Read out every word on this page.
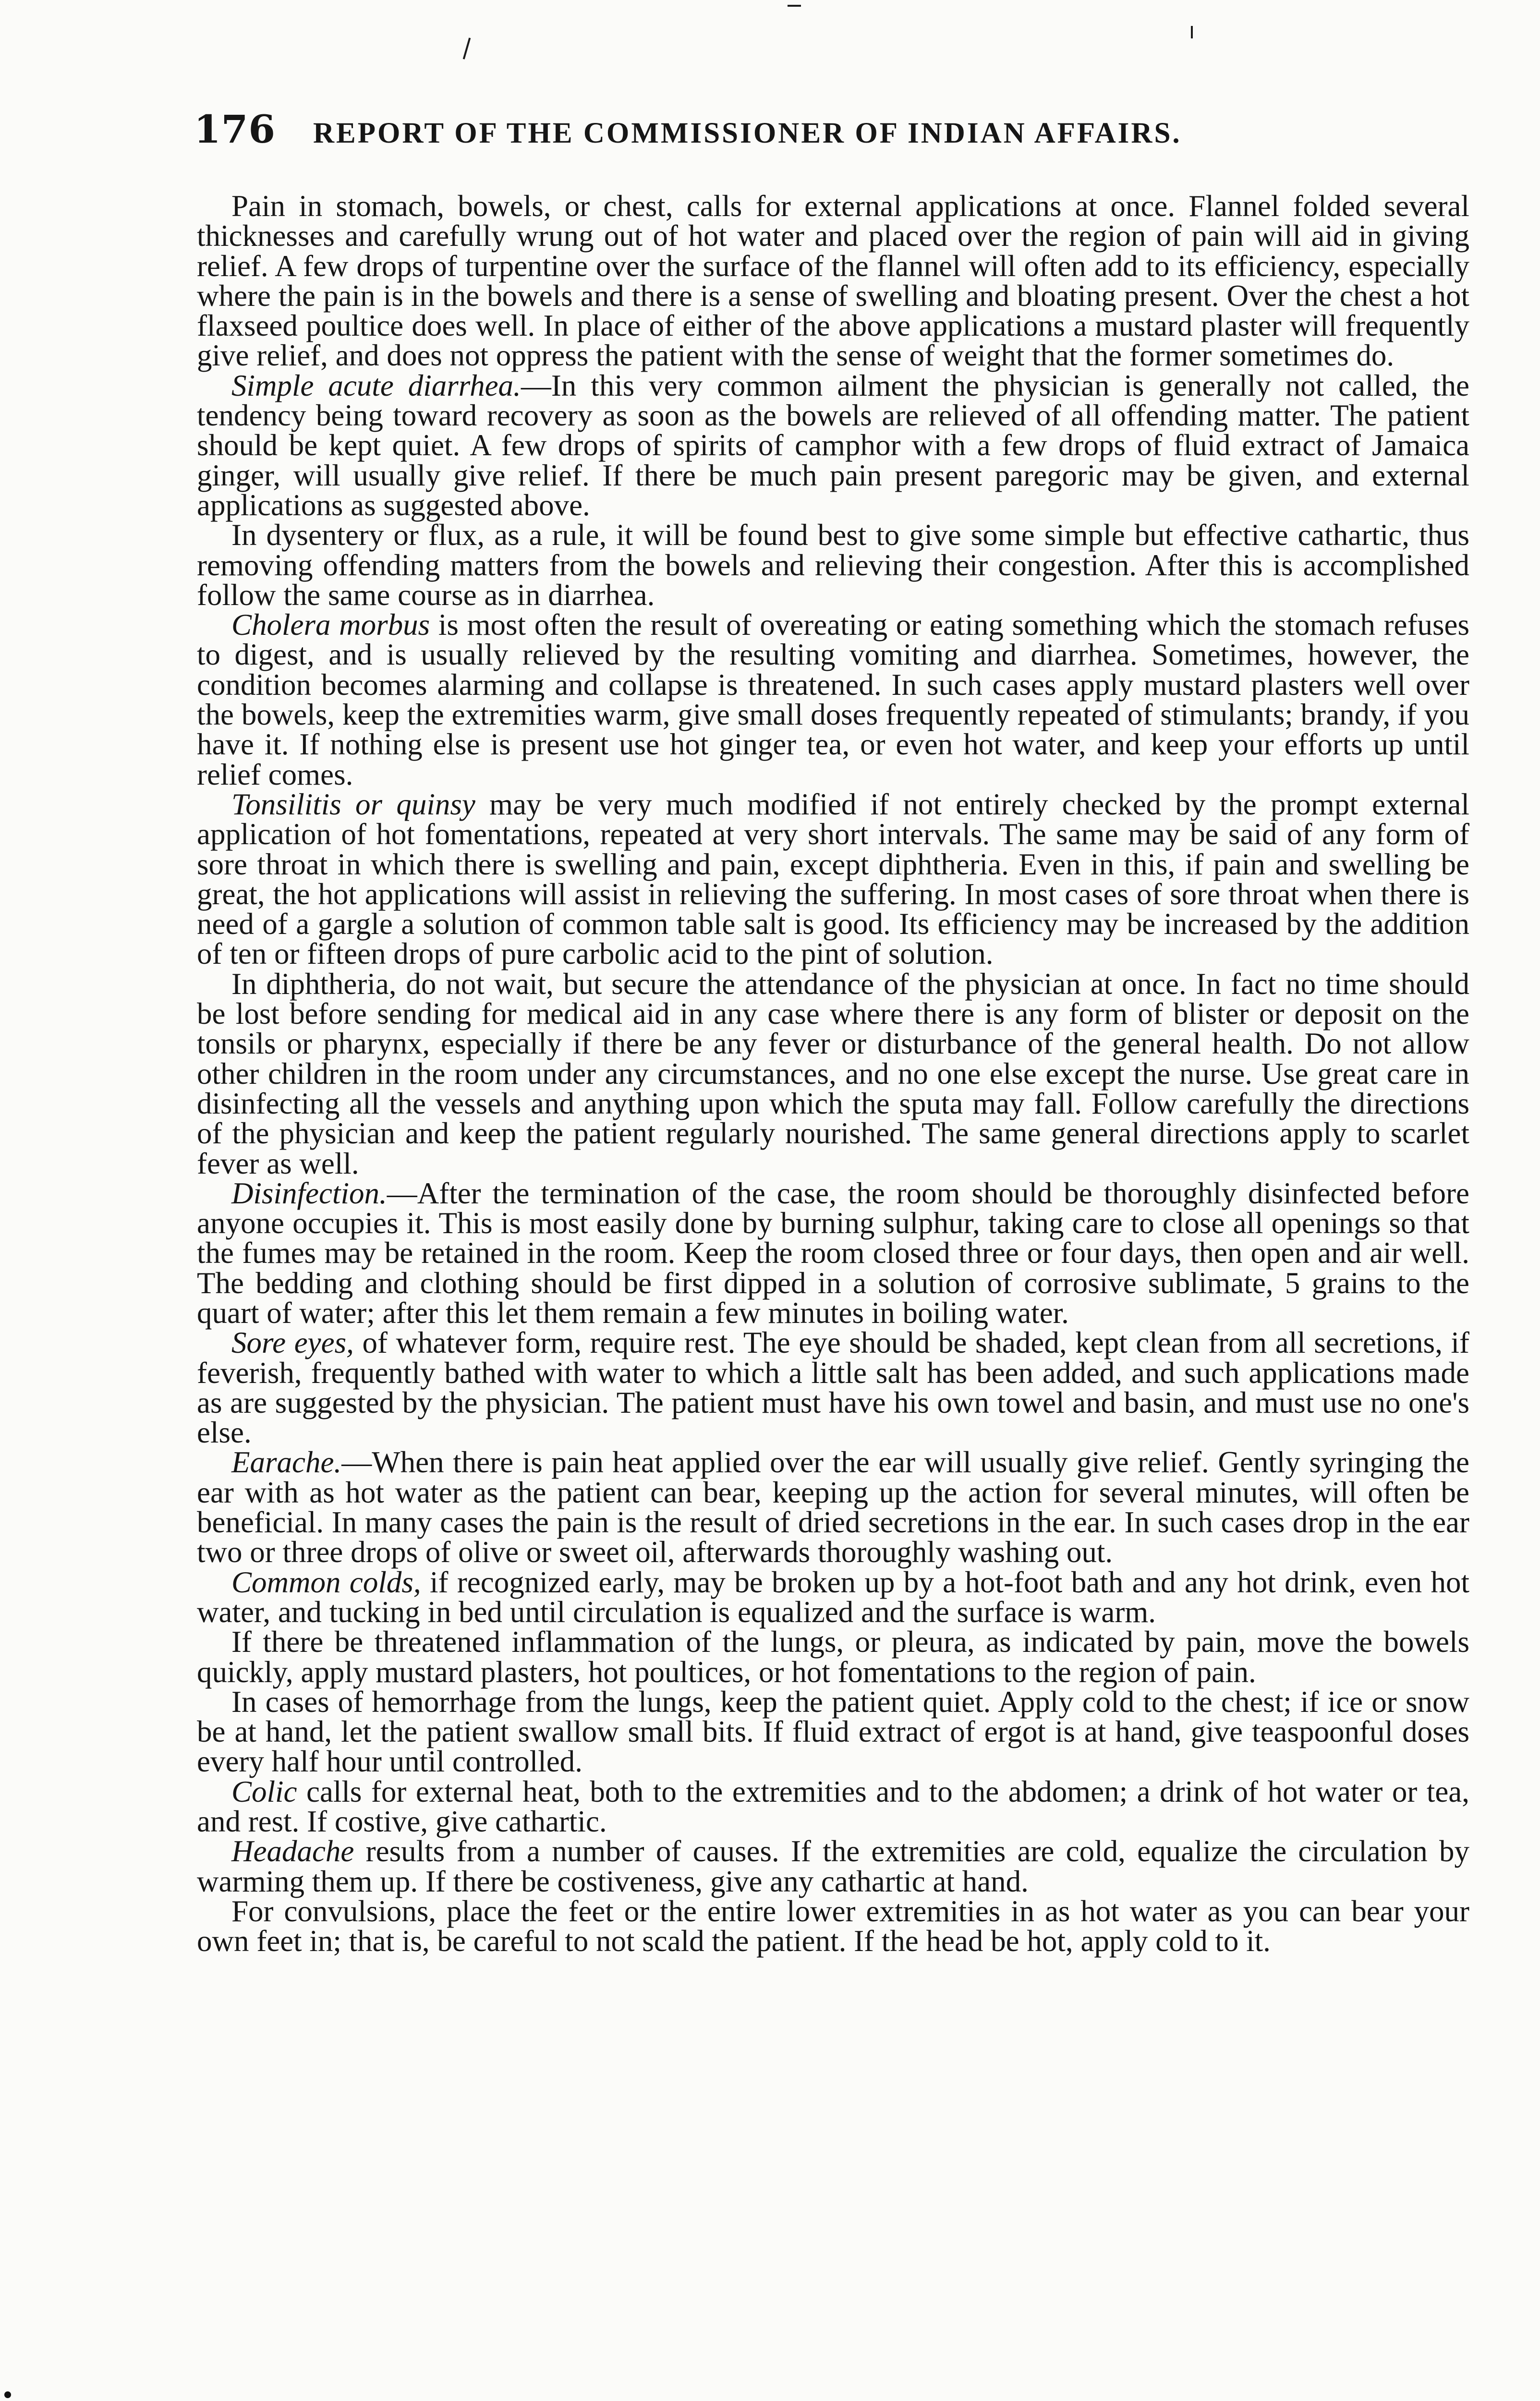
176 REPORT OF THE COMMISSIONER OF INDIAN AFFAIRS.

Pain in stomach, bowels, or chest, calls for external applications at once. Flannel folded several thicknesses and carefully wrung out of hot water and placed over the region of pain will aid in giving relief. A few drops of turpentine over the surface of the flannel will often add to its efficiency, especially where the pain is in the bowels and there is a sense of swelling and bloating present. Over the chest a hot flaxseed poultice does well. In place of either of the above applications a mustard plaster will frequently give relief, and does not oppress the patient with the sense of weight that the former sometimes do.

Simple acute diarrhea.—In this very common ailment the physician is generally not called, the tendency being toward recovery as soon as the bowels are relieved of all offending matter. The patient should be kept quiet. A few drops of spirits of camphor with a few drops of fluid extract of Jamaica ginger, will usually give relief. If there be much pain present paregoric may be given, and external applications as suggested above.

In dysentery or flux, as a rule, it will be found best to give some simple but effective cathartic, thus removing offending matters from the bowels and relieving their congestion. After this is accomplished follow the same course as in diarrhea.

Cholera morbus is most often the result of overeating or eating something which the stomach refuses to digest, and is usually relieved by the resulting vomiting and diarrhea. Sometimes, however, the condition becomes alarming and collapse is threatened. In such cases apply mustard plasters well over the bowels, keep the extremities warm, give small doses frequently repeated of stimulants; brandy, if you have it. If nothing else is present use hot ginger tea, or even hot water, and keep your efforts up until relief comes.

Tonsilitis or quinsy may be very much modified if not entirely checked by the prompt external application of hot fomentations, repeated at very short intervals. The same may be said of any form of sore throat in which there is swelling and pain, except diphtheria. Even in this, if pain and swelling be great, the hot applications will assist in relieving the suffering. In most cases of sore throat when there is need of a gargle a solution of common table salt is good. Its efficiency may be increased by the addition of ten or fifteen drops of pure carbolic acid to the pint of solution.

In diphtheria, do not wait, but secure the attendance of the physician at once. In fact no time should be lost before sending for medical aid in any case where there is any form of blister or deposit on the tonsils or pharynx, especially if there be any fever or disturbance of the general health. Do not allow other children in the room under any circumstances, and no one else except the nurse. Use great care in disinfecting all the vessels and anything upon which the sputa may fall. Follow carefully the directions of the physician and keep the patient regularly nourished. The same general directions apply to scarlet fever as well.

Disinfection.—After the termination of the case, the room should be thoroughly disinfected before anyone occupies it. This is most easily done by burning sulphur, taking care to close all openings so that the fumes may be retained in the room. Keep the room closed three or four days, then open and air well. The bedding and clothing should be first dipped in a solution of corrosive sublimate, 5 grains to the quart of water; after this let them remain a few minutes in boiling water.

Sore eyes, of whatever form, require rest. The eye should be shaded, kept clean from all secretions, if feverish, frequently bathed with water to which a little salt has been added, and such applications made as are suggested by the physician. The patient must have his own towel and basin, and must use no one's else.

Earache.—When there is pain heat applied over the ear will usually give relief. Gently syringing the ear with as hot water as the patient can bear, keeping up the action for several minutes, will often be beneficial. In many cases the pain is the result of dried secretions in the ear. In such cases drop in the ear two or three drops of olive or sweet oil, afterwards thoroughly washing out.

Common colds, if recognized early, may be broken up by a hot-foot bath and any hot drink, even hot water, and tucking in bed until circulation is equalized and the surface is warm.

If there be threatened inflammation of the lungs, or pleura, as indicated by pain, move the bowels quickly, apply mustard plasters, hot poultices, or hot fomentations to the region of pain.

In cases of hemorrhage from the lungs, keep the patient quiet. Apply cold to the chest; if ice or snow be at hand, let the patient swallow small bits. If fluid extract of ergot is at hand, give teaspoonful doses every half hour until controlled.

Colic calls for external heat, both to the extremities and to the abdomen; a drink of hot water or tea, and rest. If costive, give cathartic.

Headache results from a number of causes. If the extremities are cold, equalize the circulation by warming them up. If there be costiveness, give any cathartic at hand.

For convulsions, place the feet or the entire lower extremities in as hot water as you can bear your own feet in; that is, be careful to not scald the patient. If the head be hot, apply cold to it.
